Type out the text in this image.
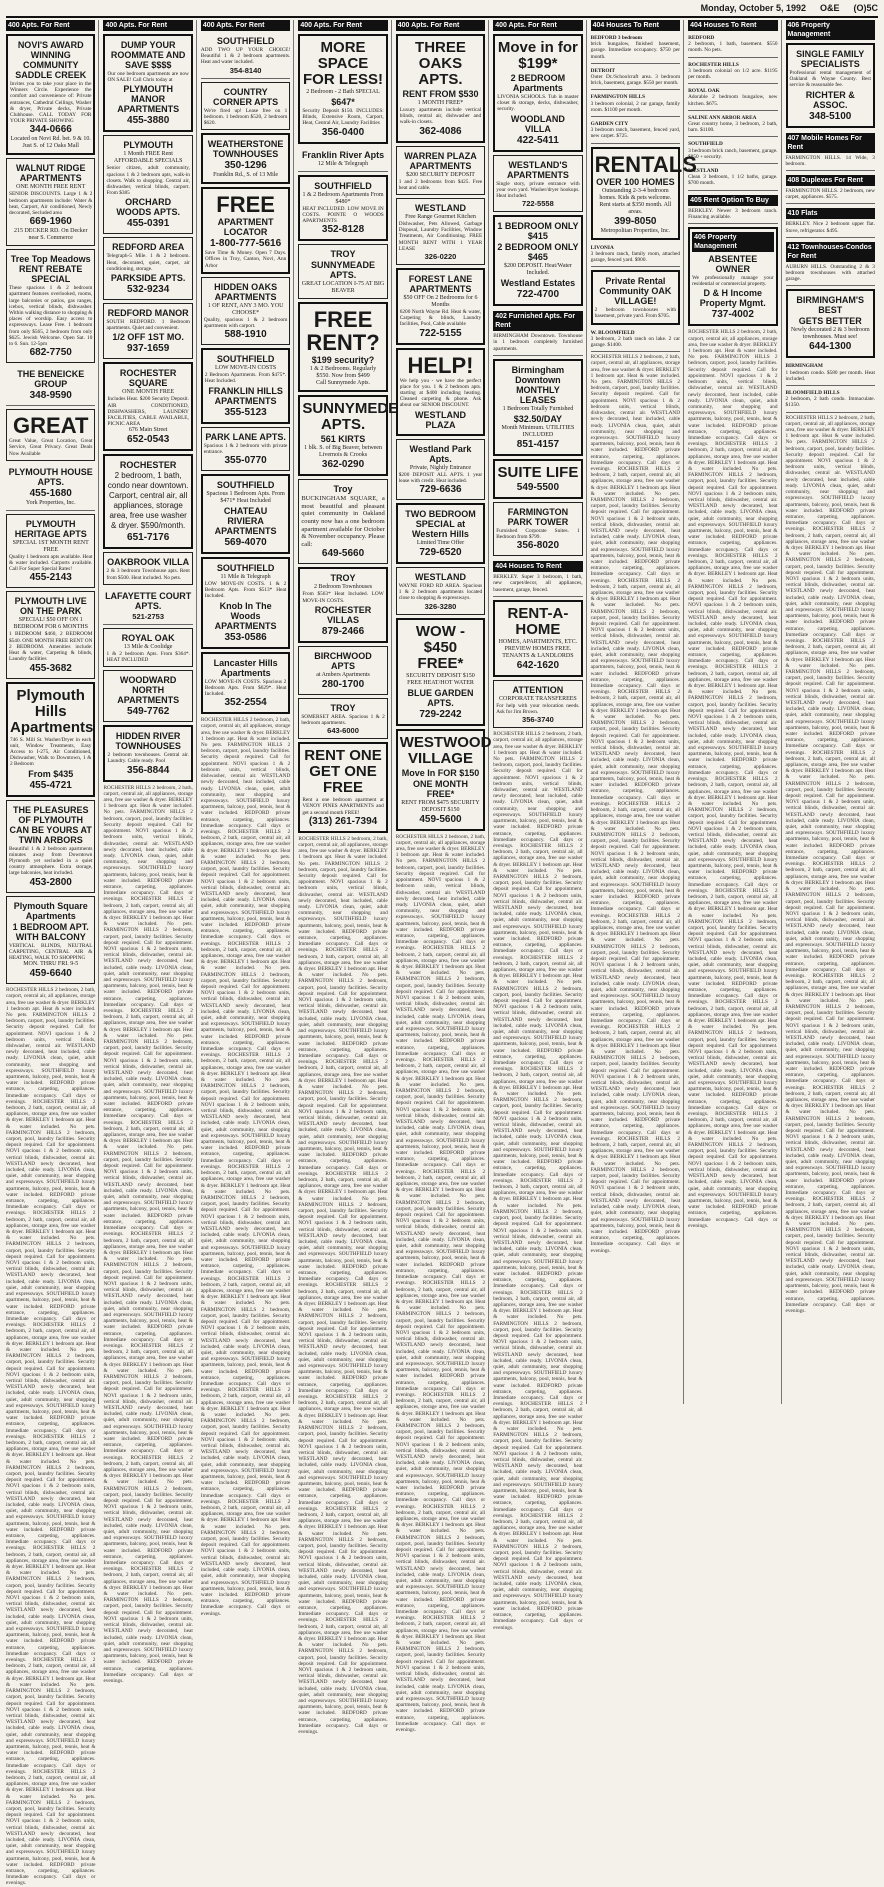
Monday, October 5, 1992 O&E (O)5C
400 Apts. For Rent
NOVI'S AWARD WINNING COMMUNITY SADDLE CREEK
Invites you to take your place in the Winners Circle. Experience the comfort and convenience of: Private entrances, Cathedral Ceilings, Washer & dryer, Private decks, Private Clubhouse. CALL TODAY FOR YOUR PRIVATE SHOWING
344-0666
Located on Novi Rd. bet. 9 & 10. Just S. of 12 Oaks Mall
WALNUT RIDGE APARTMENTS
ONE MONTH FREE RENT
SENIOR DISCOUNTS. Large 1 & 2 bedroom apartments include: Water & heat, Carport, Air conditioned, Newly decorated, Secluded area
669-1960
215 DECKER RD. On Decker near S. Commerce
Tree Top Meadows RENT REBATE SPECIAL
These spacious 1 & 2 bedroom apartment features overlooked, rooms, large balconies or patios, gas ranges, icebox, vertical blinds, dishwasher. Within walking distance to shopping & places of worship. Easy access to expressways. Lease Free. 1 bedroom from only $565, 2 bedroom from only $625. Jewish Welcome. Open Sat. 10 to 6. Sun. 12-5pm
682-7750
THE BENEICKE GROUP
348-9590
GREAT
Great Value, Great Location, Great Service, Great Privacy. Great Deals Now Available
PLYMOUTH HOUSE APTS.
455-1680
York Properties, Inc.
PLYMOUTH HERITAGE APTS
SPECIAL 1ST MONTH RENT FREE
Quality 1 bedroom apts available. Heat & water included. Carports available. Call For Super Special Rates!
455-2143
PLYMOUTH LIVE ON THE PARK
SPECIAL! $50 OFF ON 1 BEDROOM FOR 6 MONTHS
1 BEDROOM $460, 2 BEDROOM $540. ONE MONTH FREE RENT ON 2 BEDROOM. Amenities include: Heat & water, Carpeting & blinds, Laundry facilities
455-3682
Plymouth Hills Apartments
746 S. Mill St. Washer/Dryer in each unit, Window Treatments, Easy Access to I-275, Air Conditioned, Dishwasher, Walk to Downtown, 1 & 2 Bedroom
From $435
455-4721
THE PLEASURES OF PLYMOUTH CAN BE YOURS AT TWIN ARBORS
Beautiful 1 & 2 bedroom apartments minutes away from Downtown Plymouth yet secluded in a quiet country atmosphere. Extra storage, large balconies, heat included.
453-2800
Plymouth Square Apartments
1 BEDROOM APT. WITH BALCONY
VERTICAL BLINDS, NEUTRAL CARPETING, CENTRAL AIR & HEATING, WALK TO SHOPPING
MON. THRU FRI. 9-5
459-6640
ROCHESTER HILLS 2 bedroom, 2 bath, carport, central air, all appliances, storage area, free use washer & dryer. BERKLEY 1 bedroom apt. Heat & water included. No pets. FARMINGTON HILLS 2 bedroom, carport, pool, laundry facilities. Security deposit required. Call for appointment. NOVI spacious 1 & 2 bedroom units, vertical blinds, dishwasher, central air. WESTLAND newly decorated, heat included, cable ready. LIVONIA clean, quiet, adult community, near shopping and expressways. SOUTHFIELD luxury apartments, balcony, pool, tennis, heat & water included. REDFORD private entrance, carpeting, appliances. Immediate occupancy. Call days or evenings. ROCHESTER HILLS 2 bedroom, 2 bath, carport, central air, all appliances, storage area, free use washer & dryer. BERKLEY 1 bedroom apt. Heat & water included. No pets. FARMINGTON HILLS 2 bedroom, carport, pool, laundry facilities. Security deposit required. Call for appointment. NOVI spacious 1 & 2 bedroom units, vertical blinds, dishwasher, central air. WESTLAND newly decorated, heat included, cable ready. LIVONIA clean, quiet, adult community, near shopping and expressways. SOUTHFIELD luxury apartments, balcony, pool, tennis, heat & water included. REDFORD private entrance, carpeting, appliances. Immediate occupancy. Call days or evenings. ROCHESTER HILLS 2 bedroom, 2 bath, carport, central air, all appliances, storage area, free use washer & dryer. BERKLEY 1 bedroom apt. Heat & water included. No pets. FARMINGTON HILLS 2 bedroom, carport, pool, laundry facilities. Security deposit required. Call for appointment. NOVI spacious 1 & 2 bedroom units, vertical blinds, dishwasher, central air. WESTLAND newly decorated, heat included, cable ready. LIVONIA clean, quiet, adult community, near shopping and expressways. SOUTHFIELD luxury apartments, balcony, pool, tennis, heat & water included. REDFORD private entrance, carpeting, appliances. Immediate occupancy. Call days or evenings. ROCHESTER HILLS 2 bedroom, 2 bath, carport, central air, all appliances, storage area, free use washer & dryer. BERKLEY 1 bedroom apt. Heat & water included. No pets. FARMINGTON HILLS 2 bedroom, carport, pool, laundry facilities. Security deposit required. Call for appointment. NOVI spacious 1 & 2 bedroom units, vertical blinds, dishwasher, central air. WESTLAND newly decorated, heat included, cable ready. LIVONIA clean, quiet, adult community, near shopping and expressways. SOUTHFIELD luxury apartments, balcony, pool, tennis, heat & water included. REDFORD private entrance, carpeting, appliances. Immediate occupancy. Call days or evenings. ROCHESTER HILLS 2 bedroom, 2 bath, carport, central air, all appliances, storage area, free use washer & dryer. BERKLEY 1 bedroom apt. Heat & water included. No pets. FARMINGTON HILLS 2 bedroom, carport, pool, laundry facilities. Security deposit required. Call for appointment. NOVI spacious 1 & 2 bedroom units, vertical blinds, dishwasher, central air. WESTLAND newly decorated, heat included, cable ready. LIVONIA clean, quiet, adult community, near shopping and expressways. SOUTHFIELD luxury apartments, balcony, pool, tennis, heat & water included. REDFORD private entrance, carpeting, appliances. Immediate occupancy. Call days or evenings. ROCHESTER HILLS 2 bedroom, 2 bath, carport, central air, all appliances, storage area, free use washer & dryer. BERKLEY 1 bedroom apt. Heat & water included. No pets. FARMINGTON HILLS 2 bedroom, carport, pool, laundry facilities. Security deposit required. Call for appointment. NOVI spacious 1 & 2 bedroom units, vertical blinds, dishwasher, central air. WESTLAND newly decorated, heat included, cable ready. LIVONIA clean, quiet, adult community, near shopping and expressways. SOUTHFIELD luxury apartments, balcony, pool, tennis, heat & water included. REDFORD private entrance, carpeting, appliances. Immediate occupancy. Call days or evenings. ROCHESTER HILLS 2 bedroom, 2 bath, carport, central air, all appliances, storage area, free use washer & dryer. BERKLEY 1 bedroom apt. Heat & water included. No pets. FARMINGTON HILLS 2 bedroom, carport, pool, laundry facilities. Security deposit required. Call for appointment. NOVI spacious 1 & 2 bedroom units, vertical blinds, dishwasher, central air. WESTLAND newly decorated, heat included, cable ready. LIVONIA clean, quiet, adult community, near shopping and expressways. SOUTHFIELD luxury apartments, balcony, pool, tennis, heat & water included. REDFORD private entrance, carpeting, appliances. Immediate occupancy. Call days or evenings. ROCHESTER HILLS 2 bedroom, 2 bath, carport, central air, all appliances, storage area, free use washer & dryer. BERKLEY 1 bedroom apt. Heat & water included. No pets. FARMINGTON HILLS 2 bedroom, carport, pool, laundry facilities. Security deposit required. Call for appointment. NOVI spacious 1 & 2 bedroom units, vertical blinds, dishwasher, central air. WESTLAND newly decorated, heat included, cable ready. LIVONIA clean, quiet, adult community, near shopping and expressways. SOUTHFIELD luxury apartments, balcony, pool, tennis, heat & water included. REDFORD private entrance, carpeting, appliances. Immediate occupancy. Call days or evenings.
400 Apts. For Rent
DUMP YOUR ROOMMATE AND SAVE $$$$
Our one bedroom apartments are now ON SALE! Call Chris today at
PLYMOUTH MANOR APARTMENTS
455-3880
PLYMOUTH
1 Month FREE Rent AFFORDABLE SPECIALS
Senior citizen, adult community, spacious 1 & 2 bedroom apts, walk-in closets. Walk to shopping. Central air, dishwasher, vertical blinds, carport. From $385
ORCHARD WOODS APTS.
455-0391
REDFORD AREA
Telegraph-5 Mile. 1 & 2 bedroom. Heat, decorated, quiet, carpet, air conditioning, storage.
PARKSIDE APTS.
532-9234
REDFORD MANOR
SOUTH REDFORD. 1 Bedroom apartments. Quiet and convenient.
1/2 OFF 1ST MO.
937-1659
ROCHESTER SQUARE
ONE MONTH FREE
Includes Heat. $200 Security Deposit. AIR CONDITIONED, DISHWASHERS, LAUNDRY FACILITIES, CABLE AVAILABLE, PICNIC AREA
676 Main Street
652-0543
ROCHESTER
2 bedroom, 1 bath, condo near downtown. Carport, central air, all appliances, storage area, free use washer & dryer. $590/month.
651-7176
OAKBROOK VILLA
2 & 3 bedroom Townhouse apts. Rent from $500. Heat included. No pets.
LAFAYETTE COURT APTS.
521-2753
ROYAL OAK
13 Mile & Coolidge
1 & 2 bedroom Apts. From $364*. HEAT INCLUDED
WOODWARD NORTH APARTMENTS
549-7762
HIDDEN RIVER TOWNHOUSES
2 bedroom townhouses. Central air. Laundry. Cable ready. Pool
356-8844
ROCHESTER HILLS 2 bedroom, 2 bath, carport, central air, all appliances, storage area, free use washer & dryer. BERKLEY 1 bedroom apt. Heat & water included. No pets. FARMINGTON HILLS 2 bedroom, carport, pool, laundry facilities. Security deposit required. Call for appointment. NOVI spacious 1 & 2 bedroom units, vertical blinds, dishwasher, central air. WESTLAND newly decorated, heat included, cable ready. LIVONIA clean, quiet, adult community, near shopping and expressways. SOUTHFIELD luxury apartments, balcony, pool, tennis, heat & water included. REDFORD private entrance, carpeting, appliances. Immediate occupancy. Call days or evenings. ROCHESTER HILLS 2 bedroom, 2 bath, carport, central air, all appliances, storage area, free use washer & dryer. BERKLEY 1 bedroom apt. Heat & water included. No pets. FARMINGTON HILLS 2 bedroom, carport, pool, laundry facilities. Security deposit required. Call for appointment. NOVI spacious 1 & 2 bedroom units, vertical blinds, dishwasher, central air. WESTLAND newly decorated, heat included, cable ready. LIVONIA clean, quiet, adult community, near shopping and expressways. SOUTHFIELD luxury apartments, balcony, pool, tennis, heat & water included. REDFORD private entrance, carpeting, appliances. Immediate occupancy. Call days or evenings. ROCHESTER HILLS 2 bedroom, 2 bath, carport, central air, all appliances, storage area, free use washer & dryer. BERKLEY 1 bedroom apt. Heat & water included. No pets. FARMINGTON HILLS 2 bedroom, carport, pool, laundry facilities. Security deposit required. Call for appointment. NOVI spacious 1 & 2 bedroom units, vertical blinds, dishwasher, central air. WESTLAND newly decorated, heat included, cable ready. LIVONIA clean, quiet, adult community, near shopping and expressways. SOUTHFIELD luxury apartments, balcony, pool, tennis, heat & water included. REDFORD private entrance, carpeting, appliances. Immediate occupancy. Call days or evenings. ROCHESTER HILLS 2 bedroom, 2 bath, carport, central air, all appliances, storage area, free use washer & dryer. BERKLEY 1 bedroom apt. Heat & water included. No pets. FARMINGTON HILLS 2 bedroom, carport, pool, laundry facilities. Security deposit required. Call for appointment. NOVI spacious 1 & 2 bedroom units, vertical blinds, dishwasher, central air. WESTLAND newly decorated, heat included, cable ready. LIVONIA clean, quiet, adult community, near shopping and expressways. SOUTHFIELD luxury apartments, balcony, pool, tennis, heat & water included. REDFORD private entrance, carpeting, appliances. Immediate occupancy. Call days or evenings. ROCHESTER HILLS 2 bedroom, 2 bath, carport, central air, all appliances, storage area, free use washer & dryer. BERKLEY 1 bedroom apt. Heat & water included. No pets. FARMINGTON HILLS 2 bedroom, carport, pool, laundry facilities. Security deposit required. Call for appointment. NOVI spacious 1 & 2 bedroom units, vertical blinds, dishwasher, central air. WESTLAND newly decorated, heat included, cable ready. LIVONIA clean, quiet, adult community, near shopping and expressways. SOUTHFIELD luxury apartments, balcony, pool, tennis, heat & water included. REDFORD private entrance, carpeting, appliances. Immediate occupancy. Call days or evenings. ROCHESTER HILLS 2 bedroom, 2 bath, carport, central air, all appliances, storage area, free use washer & dryer. BERKLEY 1 bedroom apt. Heat & water included. No pets. FARMINGTON HILLS 2 bedroom, carport, pool, laundry facilities. Security deposit required. Call for appointment. NOVI spacious 1 & 2 bedroom units, vertical blinds, dishwasher, central air. WESTLAND newly decorated, heat included, cable ready. LIVONIA clean, quiet, adult community, near shopping and expressways. SOUTHFIELD luxury apartments, balcony, pool, tennis, heat & water included. REDFORD private entrance, carpeting, appliances. Immediate occupancy. Call days or evenings. ROCHESTER HILLS 2 bedroom, 2 bath, carport, central air, all appliances, storage area, free use washer & dryer. BERKLEY 1 bedroom apt. Heat & water included. No pets. FARMINGTON HILLS 2 bedroom, carport, pool, laundry facilities. Security deposit required. Call for appointment. NOVI spacious 1 & 2 bedroom units, vertical blinds, dishwasher, central air. WESTLAND newly decorated, heat included, cable ready. LIVONIA clean, quiet, adult community, near shopping and expressways. SOUTHFIELD luxury apartments, balcony, pool, tennis, heat & water included. REDFORD private entrance, carpeting, appliances. Immediate occupancy. Call days or evenings. ROCHESTER HILLS 2 bedroom, 2 bath, carport, central air, all appliances, storage area, free use washer & dryer. BERKLEY 1 bedroom apt. Heat & water included. No pets. FARMINGTON HILLS 2 bedroom, carport, pool, laundry facilities. Security deposit required. Call for appointment. NOVI spacious 1 & 2 bedroom units, vertical blinds, dishwasher, central air. WESTLAND newly decorated, heat included, cable ready. LIVONIA clean, quiet, adult community, near shopping and expressways. SOUTHFIELD luxury apartments, balcony, pool, tennis, heat & water included. REDFORD private entrance, carpeting, appliances. Immediate occupancy. Call days or evenings.
400 Apts. For Rent
SOUTHFIELD
ADD TWO UP YOUR CHOICE! Beautiful 1 & 2 bedroom apartments. Heat and water included.
354-8140
COUNTRY CORNER APTS
We're fired up! Lease free on 1 bedroom. 1 bedroom $520, 2 bedroom $620.
WEATHERSTONE TOWNHOUSES
350-1296
Franklin Rd., S. of 13 Mile
FREE
APARTMENT LOCATOR
1-800-777-5616
Save Time & Money. Open 7 Days. Offices in Troy, Canton, Novi, Ann Arbor
HIDDEN OAKS APARTMENTS
1 OF RENT, ANY 3 MO. YOU CHOOSE*
Quality, spacious 1 & 2 bedroom apartments with carport.
588-1910
SOUTHFIELD
LOW MOVE-IN COSTS
2 Bedroom Apartments. From $475*. Heat Included.
FRANKLIN HILLS APARTMENTS
355-5123
PARK LANE APTS.
Spacious 1 & 2 bedroom with private entrance.
355-0770
SOUTHFIELD
Spacious 1 Bedroom Apts. From $471* Heat Included
CHATEAU RIVIERA APARTMENTS
569-4070
SOUTHFIELD
11 Mile & Telegraph
LOW MOVE-IN COSTS. 1 & 2 Bedroom Apts. From $513* Heat Included.
Knob In The Woods APARTMENTS
353-0586
Lancaster Hills Apartments
LOW MOVE-IN COSTS. Spacious 2 Bedroom Apts. From $629*. Heat Included.
352-2554
ROCHESTER HILLS 2 bedroom, 2 bath, carport, central air, all appliances, storage area, free use washer & dryer. BERKLEY 1 bedroom apt. Heat & water included. No pets. FARMINGTON HILLS 2 bedroom, carport, pool, laundry facilities. Security deposit required. Call for appointment. NOVI spacious 1 & 2 bedroom units, vertical blinds, dishwasher, central air. WESTLAND newly decorated, heat included, cable ready. LIVONIA clean, quiet, adult community, near shopping and expressways. SOUTHFIELD luxury apartments, balcony, pool, tennis, heat & water included. REDFORD private entrance, carpeting, appliances. Immediate occupancy. Call days or evenings. ROCHESTER HILLS 2 bedroom, 2 bath, carport, central air, all appliances, storage area, free use washer & dryer. BERKLEY 1 bedroom apt. Heat & water included. No pets. FARMINGTON HILLS 2 bedroom, carport, pool, laundry facilities. Security deposit required. Call for appointment. NOVI spacious 1 & 2 bedroom units, vertical blinds, dishwasher, central air. WESTLAND newly decorated, heat included, cable ready. LIVONIA clean, quiet, adult community, near shopping and expressways. SOUTHFIELD luxury apartments, balcony, pool, tennis, heat & water included. REDFORD private entrance, carpeting, appliances. Immediate occupancy. Call days or evenings. ROCHESTER HILLS 2 bedroom, 2 bath, carport, central air, all appliances, storage area, free use washer & dryer. BERKLEY 1 bedroom apt. Heat & water included. No pets. FARMINGTON HILLS 2 bedroom, carport, pool, laundry facilities. Security deposit required. Call for appointment. NOVI spacious 1 & 2 bedroom units, vertical blinds, dishwasher, central air. WESTLAND newly decorated, heat included, cable ready. LIVONIA clean, quiet, adult community, near shopping and expressways. SOUTHFIELD luxury apartments, balcony, pool, tennis, heat & water included. REDFORD private entrance, carpeting, appliances. Immediate occupancy. Call days or evenings. ROCHESTER HILLS 2 bedroom, 2 bath, carport, central air, all appliances, storage area, free use washer & dryer. BERKLEY 1 bedroom apt. Heat & water included. No pets. FARMINGTON HILLS 2 bedroom, carport, pool, laundry facilities. Security deposit required. Call for appointment. NOVI spacious 1 & 2 bedroom units, vertical blinds, dishwasher, central air. WESTLAND newly decorated, heat included, cable ready. LIVONIA clean, quiet, adult community, near shopping and expressways. SOUTHFIELD luxury apartments, balcony, pool, tennis, heat & water included. REDFORD private entrance, carpeting, appliances. Immediate occupancy. Call days or evenings. ROCHESTER HILLS 2 bedroom, 2 bath, carport, central air, all appliances, storage area, free use washer & dryer. BERKLEY 1 bedroom apt. Heat & water included. No pets. FARMINGTON HILLS 2 bedroom, carport, pool, laundry facilities. Security deposit required. Call for appointment. NOVI spacious 1 & 2 bedroom units, vertical blinds, dishwasher, central air. WESTLAND newly decorated, heat included, cable ready. LIVONIA clean, quiet, adult community, near shopping and expressways. SOUTHFIELD luxury apartments, balcony, pool, tennis, heat & water included. REDFORD private entrance, carpeting, appliances. Immediate occupancy. Call days or evenings. ROCHESTER HILLS 2 bedroom, 2 bath, carport, central air, all appliances, storage area, free use washer & dryer. BERKLEY 1 bedroom apt. Heat & water included. No pets. FARMINGTON HILLS 2 bedroom, carport, pool, laundry facilities. Security deposit required. Call for appointment. NOVI spacious 1 & 2 bedroom units, vertical blinds, dishwasher, central air. WESTLAND newly decorated, heat included, cable ready. LIVONIA clean, quiet, adult community, near shopping and expressways. SOUTHFIELD luxury apartments, balcony, pool, tennis, heat & water included. REDFORD private entrance, carpeting, appliances. Immediate occupancy. Call days or evenings. ROCHESTER HILLS 2 bedroom, 2 bath, carport, central air, all appliances, storage area, free use washer & dryer. BERKLEY 1 bedroom apt. Heat & water included. No pets. FARMINGTON HILLS 2 bedroom, carport, pool, laundry facilities. Security deposit required. Call for appointment. NOVI spacious 1 & 2 bedroom units, vertical blinds, dishwasher, central air. WESTLAND newly decorated, heat included, cable ready. LIVONIA clean, quiet, adult community, near shopping and expressways. SOUTHFIELD luxury apartments, balcony, pool, tennis, heat & water included. REDFORD private entrance, carpeting, appliances. Immediate occupancy. Call days or evenings. ROCHESTER HILLS 2 bedroom, 2 bath, carport, central air, all appliances, storage area, free use washer & dryer. BERKLEY 1 bedroom apt. Heat & water included. No pets. FARMINGTON HILLS 2 bedroom, carport, pool, laundry facilities. Security deposit required. Call for appointment. NOVI spacious 1 & 2 bedroom units, vertical blinds, dishwasher, central air. WESTLAND newly decorated, heat included, cable ready. LIVONIA clean, quiet, adult community, near shopping and expressways. SOUTHFIELD luxury apartments, balcony, pool, tennis, heat & water included. REDFORD private entrance, carpeting, appliances. Immediate occupancy. Call days or evenings.
400 Apts. For Rent
MORE SPACE FOR LESS!
2 Bedroom - 2 Bath SPECIAL
$647*
Security Deposit $150. INCLUDES: Blinds, Extensive Room, Carport, Heat, Central Air, Laundry Facilities
356-0400
Franklin River Apts
12 Mile & Telegraph
SOUTHFIELD
1 & 2 Bedroom Apartments From $480*
HEAT INCLUDED. LOW MOVE IN COSTS. POINTE O WOODS APARTMENTS
352-8128
TROY
SUNNYMEADE APTS.
GREAT LOCATION I-75 AT BIG BEAVER
FREE RENT?
$199 security?
1 & 2 Bedrooms. Regularly $550. Now from $499
Call Sunnymede Apts.
SUNNYMEDE APTS.
561 KIRTS
1 blk. S. of Big Beaver, between Livernois & Crooks
362-0290
Troy
BUCKINGHAM SQUARE, a most beautiful and pleasant quiet community in Oakland county now has a one bedroom apartment available for October & November occupancy. Please call:
649-5660
TROY
2 Bedroom Townhouses
From $563* Heat Included. LOW MOVE-IN COSTS.
ROCHESTER VILLAS
879-2466
BIRCHWOOD APTS
at Ambers Apartments
280-1700
TROY
SOMERSET AREA. Spacious 1 & 2 bedroom apartments.
643-6000
RENT ONE GET ONE FREE
Rent a one bedroom apartment at VENOY PINES APARTMENTS and get a second month FREE!
(313) 261-7394
ROCHESTER HILLS 2 bedroom, 2 bath, carport, central air, all appliances, storage area, free use washer & dryer. BERKLEY 1 bedroom apt. Heat & water included. No pets. FARMINGTON HILLS 2 bedroom, carport, pool, laundry facilities. Security deposit required. Call for appointment. NOVI spacious 1 & 2 bedroom units, vertical blinds, dishwasher, central air. WESTLAND newly decorated, heat included, cable ready. LIVONIA clean, quiet, adult community, near shopping and expressways. SOUTHFIELD luxury apartments, balcony, pool, tennis, heat & water included. REDFORD private entrance, carpeting, appliances. Immediate occupancy. Call days or evenings. ROCHESTER HILLS 2 bedroom, 2 bath, carport, central air, all appliances, storage area, free use washer & dryer. BERKLEY 1 bedroom apt. Heat & water included. No pets. FARMINGTON HILLS 2 bedroom, carport, pool, laundry facilities. Security deposit required. Call for appointment. NOVI spacious 1 & 2 bedroom units, vertical blinds, dishwasher, central air. WESTLAND newly decorated, heat included, cable ready. LIVONIA clean, quiet, adult community, near shopping and expressways. SOUTHFIELD luxury apartments, balcony, pool, tennis, heat & water included. REDFORD private entrance, carpeting, appliances. Immediate occupancy. Call days or evenings. ROCHESTER HILLS 2 bedroom, 2 bath, carport, central air, all appliances, storage area, free use washer & dryer. BERKLEY 1 bedroom apt. Heat & water included. No pets. FARMINGTON HILLS 2 bedroom, carport, pool, laundry facilities. Security deposit required. Call for appointment. NOVI spacious 1 & 2 bedroom units, vertical blinds, dishwasher, central air. WESTLAND newly decorated, heat included, cable ready. LIVONIA clean, quiet, adult community, near shopping and expressways. SOUTHFIELD luxury apartments, balcony, pool, tennis, heat & water included. REDFORD private entrance, carpeting, appliances. Immediate occupancy. Call days or evenings. ROCHESTER HILLS 2 bedroom, 2 bath, carport, central air, all appliances, storage area, free use washer & dryer. BERKLEY 1 bedroom apt. Heat & water included. No pets. FARMINGTON HILLS 2 bedroom, carport, pool, laundry facilities. Security deposit required. Call for appointment. NOVI spacious 1 & 2 bedroom units, vertical blinds, dishwasher, central air. WESTLAND newly decorated, heat included, cable ready. LIVONIA clean, quiet, adult community, near shopping and expressways. SOUTHFIELD luxury apartments, balcony, pool, tennis, heat & water included. REDFORD private entrance, carpeting, appliances. Immediate occupancy. Call days or evenings. ROCHESTER HILLS 2 bedroom, 2 bath, carport, central air, all appliances, storage area, free use washer & dryer. BERKLEY 1 bedroom apt. Heat & water included. No pets. FARMINGTON HILLS 2 bedroom, carport, pool, laundry facilities. Security deposit required. Call for appointment. NOVI spacious 1 & 2 bedroom units, vertical blinds, dishwasher, central air. WESTLAND newly decorated, heat included, cable ready. LIVONIA clean, quiet, adult community, near shopping and expressways. SOUTHFIELD luxury apartments, balcony, pool, tennis, heat & water included. REDFORD private entrance, carpeting, appliances. Immediate occupancy. Call days or evenings. ROCHESTER HILLS 2 bedroom, 2 bath, carport, central air, all appliances, storage area, free use washer & dryer. BERKLEY 1 bedroom apt. Heat & water included. No pets. FARMINGTON HILLS 2 bedroom, carport, pool, laundry facilities. Security deposit required. Call for appointment. NOVI spacious 1 & 2 bedroom units, vertical blinds, dishwasher, central air. WESTLAND newly decorated, heat included, cable ready. LIVONIA clean, quiet, adult community, near shopping and expressways. SOUTHFIELD luxury apartments, balcony, pool, tennis, heat & water included. REDFORD private entrance, carpeting, appliances. Immediate occupancy. Call days or evenings. ROCHESTER HILLS 2 bedroom, 2 bath, carport, central air, all appliances, storage area, free use washer & dryer. BERKLEY 1 bedroom apt. Heat & water included. No pets. FARMINGTON HILLS 2 bedroom, carport, pool, laundry facilities. Security deposit required. Call for appointment. NOVI spacious 1 & 2 bedroom units, vertical blinds, dishwasher, central air. WESTLAND newly decorated, heat included, cable ready. LIVONIA clean, quiet, adult community, near shopping and expressways. SOUTHFIELD luxury apartments, balcony, pool, tennis, heat & water included. REDFORD private entrance, carpeting, appliances. Immediate occupancy. Call days or evenings. ROCHESTER HILLS 2 bedroom, 2 bath, carport, central air, all appliances, storage area, free use washer & dryer. BERKLEY 1 bedroom apt. Heat & water included. No pets. FARMINGTON HILLS 2 bedroom, carport, pool, laundry facilities. Security deposit required. Call for appointment. NOVI spacious 1 & 2 bedroom units, vertical blinds, dishwasher, central air. WESTLAND newly decorated, heat included, cable ready. LIVONIA clean, quiet, adult community, near shopping and expressways. SOUTHFIELD luxury apartments, balcony, pool, tennis, heat & water included. REDFORD private entrance, carpeting, appliances. Immediate occupancy. Call days or evenings.
400 Apts. For Rent
THREE OAKS APTS.
RENT FROM $530
1 MONTH FREE*
Luxury apartments include vertical blinds, central air, dishwasher and walk-in closets.
362-4086
WARREN PLAZA APARTMENTS
$200 SECURITY DEPOSIT
1 and 2 bedrooms from $425. Free heat and cable.
WESTLAND
Free Range Gourmet Kitchen
Dishwasher, Pets Allowed, Garbage Disposal, Laundry Facilities, Window Treatments, Air Conditioning. FREE MONTH RENT WITH 1 YEAR LEASE
326-0220
FOREST LANE APARTMENTS
$50 OFF On 2 Bedrooms for 6 Months
6200 North Wayne Rd. Heat & water, Carpeting & blinds, Laundry facilities, Pool, Cable available
722-5155
HELP!
We help you - we have the perfect place for you. 1 & 2 bedroom apts. starting at $400 including heating. Cleaned carpeting & phone. Ask about our SENIOR DISCOUNT.
WESTLAND PLAZA
Westland Park Apts.
Private, Nightly Entrance
$200 DEPOSIT ALL APTS. 1 year lease with credit. Heat included.
729-6636
TWO BEDROOM SPECIAL at Western Hills
Limited Time Offer
729-6520
WESTLAND
WAYNE FORD RD AREA. Spacious 1 & 2 bedroom apartments located close to shopping & expressways.
326-3280
WOW - $450 FREE*
SECURITY DEPOSIT $150
FREE HEAT/HOT WATER
BLUE GARDEN APTS.
729-2242
WESTWOOD VILLAGE
Move In FOR $150
ONE MONTH FREE*
RENT FROM $475 SECURITY DEPOSIT $150
459-5600
ROCHESTER HILLS 2 bedroom, 2 bath, carport, central air, all appliances, storage area, free use washer & dryer. BERKLEY 1 bedroom apt. Heat & water included. No pets. FARMINGTON HILLS 2 bedroom, carport, pool, laundry facilities. Security deposit required. Call for appointment. NOVI spacious 1 & 2 bedroom units, vertical blinds, dishwasher, central air. WESTLAND newly decorated, heat included, cable ready. LIVONIA clean, quiet, adult community, near shopping and expressways. SOUTHFIELD luxury apartments, balcony, pool, tennis, heat & water included. REDFORD private entrance, carpeting, appliances. Immediate occupancy. Call days or evenings. ROCHESTER HILLS 2 bedroom, 2 bath, carport, central air, all appliances, storage area, free use washer & dryer. BERKLEY 1 bedroom apt. Heat & water included. No pets. FARMINGTON HILLS 2 bedroom, carport, pool, laundry facilities. Security deposit required. Call for appointment. NOVI spacious 1 & 2 bedroom units, vertical blinds, dishwasher, central air. WESTLAND newly decorated, heat included, cable ready. LIVONIA clean, quiet, adult community, near shopping and expressways. SOUTHFIELD luxury apartments, balcony, pool, tennis, heat & water included. REDFORD private entrance, carpeting, appliances. Immediate occupancy. Call days or evenings. ROCHESTER HILLS 2 bedroom, 2 bath, carport, central air, all appliances, storage area, free use washer & dryer. BERKLEY 1 bedroom apt. Heat & water included. No pets. FARMINGTON HILLS 2 bedroom, carport, pool, laundry facilities. Security deposit required. Call for appointment. NOVI spacious 1 & 2 bedroom units, vertical blinds, dishwasher, central air. WESTLAND newly decorated, heat included, cable ready. LIVONIA clean, quiet, adult community, near shopping and expressways. SOUTHFIELD luxury apartments, balcony, pool, tennis, heat & water included. REDFORD private entrance, carpeting, appliances. Immediate occupancy. Call days or evenings. ROCHESTER HILLS 2 bedroom, 2 bath, carport, central air, all appliances, storage area, free use washer & dryer. BERKLEY 1 bedroom apt. Heat & water included. No pets. FARMINGTON HILLS 2 bedroom, carport, pool, laundry facilities. Security deposit required. Call for appointment. NOVI spacious 1 & 2 bedroom units, vertical blinds, dishwasher, central air. WESTLAND newly decorated, heat included, cable ready. LIVONIA clean, quiet, adult community, near shopping and expressways. SOUTHFIELD luxury apartments, balcony, pool, tennis, heat & water included. REDFORD private entrance, carpeting, appliances. Immediate occupancy. Call days or evenings. ROCHESTER HILLS 2 bedroom, 2 bath, carport, central air, all appliances, storage area, free use washer & dryer. BERKLEY 1 bedroom apt. Heat & water included. No pets. FARMINGTON HILLS 2 bedroom, carport, pool, laundry facilities. Security deposit required. Call for appointment. NOVI spacious 1 & 2 bedroom units, vertical blinds, dishwasher, central air. WESTLAND newly decorated, heat included, cable ready. LIVONIA clean, quiet, adult community, near shopping and expressways. SOUTHFIELD luxury apartments, balcony, pool, tennis, heat & water included. REDFORD private entrance, carpeting, appliances. Immediate occupancy. Call days or evenings. ROCHESTER HILLS 2 bedroom, 2 bath, carport, central air, all appliances, storage area, free use washer & dryer. BERKLEY 1 bedroom apt. Heat & water included. No pets. FARMINGTON HILLS 2 bedroom, carport, pool, laundry facilities. Security deposit required. Call for appointment. NOVI spacious 1 & 2 bedroom units, vertical blinds, dishwasher, central air. WESTLAND newly decorated, heat included, cable ready. LIVONIA clean, quiet, adult community, near shopping and expressways. SOUTHFIELD luxury apartments, balcony, pool, tennis, heat & water included. REDFORD private entrance, carpeting, appliances. Immediate occupancy. Call days or evenings. ROCHESTER HILLS 2 bedroom, 2 bath, carport, central air, all appliances, storage area, free use washer & dryer. BERKLEY 1 bedroom apt. Heat & water included. No pets. FARMINGTON HILLS 2 bedroom, carport, pool, laundry facilities. Security deposit required. Call for appointment. NOVI spacious 1 & 2 bedroom units, vertical blinds, dishwasher, central air. WESTLAND newly decorated, heat included, cable ready. LIVONIA clean, quiet, adult community, near shopping and expressways. SOUTHFIELD luxury apartments, balcony, pool, tennis, heat & water included. REDFORD private entrance, carpeting, appliances. Immediate occupancy. Call days or evenings. ROCHESTER HILLS 2 bedroom, 2 bath, carport, central air, all appliances, storage area, free use washer & dryer. BERKLEY 1 bedroom apt. Heat & water included. No pets. FARMINGTON HILLS 2 bedroom, carport, pool, laundry facilities. Security deposit required. Call for appointment. NOVI spacious 1 & 2 bedroom units, vertical blinds, dishwasher, central air. WESTLAND newly decorated, heat included, cable ready. LIVONIA clean, quiet, adult community, near shopping and expressways. SOUTHFIELD luxury apartments, balcony, pool, tennis, heat & water included. REDFORD private entrance, carpeting, appliances. Immediate occupancy. Call days or evenings.
400 Apts. For Rent
Move in for $199*
2 BEDROOM Apartments
LIVONIA SCHOOLS. Tub in master closet & storage, decks, dishwasher, security.
WOODLAND VILLA
422-5411
WESTLAND'S APARTMENTS
Single story, private entrance with your own yard. Washer/dryer hookups. Heat included.
722-5558
1 BEDROOM ONLY $415
2 BEDROOM ONLY $465
$200 DEPOSIT. Heat/Water Included.
Westland Estates
722-4700
402 Furnished Apts. For Rent
BIRMINGHAM Downtown. Townhouse in 1 bedroom completely furnished apartments.
Birmingham Downtown MONTHLY LEASES
1 Bedroom Totally Furnished
$32.50/DAY
Month Minimum. UTILITIES INCLUDED
851-4157
SUITE LIFE
549-5500
FARMINGTON PARK TOWER
Furnished Corporate Suites. 1 Bedroom from $799.
356-8020
404 Houses To Rent
BERKLEY. Super 3 bedroom, 1 bath, new carpet/decor, all appliances, basement, garage, fenced.
RENT-A-HOME
HOMES, APARTMENTS, ETC. PREVIEW HOMES FREE. TENANTS & LANDLORDS
642-1620
ATTENTION
CORPORATE TRANSFEREES
For help with your relocation needs. Ask for Jim Brown.
356-3740
ROCHESTER HILLS 2 bedroom, 2 bath, carport, central air, all appliances, storage area, free use washer & dryer. BERKLEY 1 bedroom apt. Heat & water included. No pets. FARMINGTON HILLS 2 bedroom, carport, pool, laundry facilities. Security deposit required. Call for appointment. NOVI spacious 1 & 2 bedroom units, vertical blinds, dishwasher, central air. WESTLAND newly decorated, heat included, cable ready. LIVONIA clean, quiet, adult community, near shopping and expressways. SOUTHFIELD luxury apartments, balcony, pool, tennis, heat & water included. REDFORD private entrance, carpeting, appliances. Immediate occupancy. Call days or evenings. ROCHESTER HILLS 2 bedroom, 2 bath, carport, central air, all appliances, storage area, free use washer & dryer. BERKLEY 1 bedroom apt. Heat & water included. No pets. FARMINGTON HILLS 2 bedroom, carport, pool, laundry facilities. Security deposit required. Call for appointment. NOVI spacious 1 & 2 bedroom units, vertical blinds, dishwasher, central air. WESTLAND newly decorated, heat included, cable ready. LIVONIA clean, quiet, adult community, near shopping and expressways. SOUTHFIELD luxury apartments, balcony, pool, tennis, heat & water included. REDFORD private entrance, carpeting, appliances. Immediate occupancy. Call days or evenings. ROCHESTER HILLS 2 bedroom, 2 bath, carport, central air, all appliances, storage area, free use washer & dryer. BERKLEY 1 bedroom apt. Heat & water included. No pets. FARMINGTON HILLS 2 bedroom, carport, pool, laundry facilities. Security deposit required. Call for appointment. NOVI spacious 1 & 2 bedroom units, vertical blinds, dishwasher, central air. WESTLAND newly decorated, heat included, cable ready. LIVONIA clean, quiet, adult community, near shopping and expressways. SOUTHFIELD luxury apartments, balcony, pool, tennis, heat & water included. REDFORD private entrance, carpeting, appliances. Immediate occupancy. Call days or evenings. ROCHESTER HILLS 2 bedroom, 2 bath, carport, central air, all appliances, storage area, free use washer & dryer. BERKLEY 1 bedroom apt. Heat & water included. No pets. FARMINGTON HILLS 2 bedroom, carport, pool, laundry facilities. Security deposit required. Call for appointment. NOVI spacious 1 & 2 bedroom units, vertical blinds, dishwasher, central air. WESTLAND newly decorated, heat included, cable ready. LIVONIA clean, quiet, adult community, near shopping and expressways. SOUTHFIELD luxury apartments, balcony, pool, tennis, heat & water included. REDFORD private entrance, carpeting, appliances. Immediate occupancy. Call days or evenings. ROCHESTER HILLS 2 bedroom, 2 bath, carport, central air, all appliances, storage area, free use washer & dryer. BERKLEY 1 bedroom apt. Heat & water included. No pets. FARMINGTON HILLS 2 bedroom, carport, pool, laundry facilities. Security deposit required. Call for appointment. NOVI spacious 1 & 2 bedroom units, vertical blinds, dishwasher, central air. WESTLAND newly decorated, heat included, cable ready. LIVONIA clean, quiet, adult community, near shopping and expressways. SOUTHFIELD luxury apartments, balcony, pool, tennis, heat & water included. REDFORD private entrance, carpeting, appliances. Immediate occupancy. Call days or evenings. ROCHESTER HILLS 2 bedroom, 2 bath, carport, central air, all appliances, storage area, free use washer & dryer. BERKLEY 1 bedroom apt. Heat & water included. No pets. FARMINGTON HILLS 2 bedroom, carport, pool, laundry facilities. Security deposit required. Call for appointment. NOVI spacious 1 & 2 bedroom units, vertical blinds, dishwasher, central air. WESTLAND newly decorated, heat included, cable ready. LIVONIA clean, quiet, adult community, near shopping and expressways. SOUTHFIELD luxury apartments, balcony, pool, tennis, heat & water included. REDFORD private entrance, carpeting, appliances. Immediate occupancy. Call days or evenings. ROCHESTER HILLS 2 bedroom, 2 bath, carport, central air, all appliances, storage area, free use washer & dryer. BERKLEY 1 bedroom apt. Heat & water included. No pets. FARMINGTON HILLS 2 bedroom, carport, pool, laundry facilities. Security deposit required. Call for appointment. NOVI spacious 1 & 2 bedroom units, vertical blinds, dishwasher, central air. WESTLAND newly decorated, heat included, cable ready. LIVONIA clean, quiet, adult community, near shopping and expressways. SOUTHFIELD luxury apartments, balcony, pool, tennis, heat & water included. REDFORD private entrance, carpeting, appliances. Immediate occupancy. Call days or evenings. ROCHESTER HILLS 2 bedroom, 2 bath, carport, central air, all appliances, storage area, free use washer & dryer. BERKLEY 1 bedroom apt. Heat & water included. No pets. FARMINGTON HILLS 2 bedroom, carport, pool, laundry facilities. Security deposit required. Call for appointment. NOVI spacious 1 & 2 bedroom units, vertical blinds, dishwasher, central air. WESTLAND newly decorated, heat included, cable ready. LIVONIA clean, quiet, adult community, near shopping and expressways. SOUTHFIELD luxury apartments, balcony, pool, tennis, heat & water included. REDFORD private entrance, carpeting, appliances. Immediate occupancy. Call days or evenings.
404 Houses To Rent
BEDFORD 3 bedroom
brick bungalow, finished basement, garage. Immediate occupancy. $750 per month.
DETROIT
Outer Dr./Schoolcraft area. 3 bedroom brick, basement, garage. $550 per month.
FARMINGTON HILLS
3 bedroom colonial, 2 car garage, family room. $1100 per month.
GARDEN CITY
3 bedroom ranch, basement, fenced yard, new carpet. $725.
RENTALS
OVER 100 HOMES
Outstanding 2-3-4 bedroom homes. Kids & pets welcome. Rent starts at $350 month. All areas.
399-8050
Metropolitan Properties, Inc.
LIVONIA
3 bedroom ranch, family room, attached garage, fenced yard. $900.
Private Rental Community OAK VILLAGE!
2 bedroom townhouses with basement, private yard. From $705.
W. BLOOMFIELD
3 bedroom, 2 bath ranch on lake. 2 car garage. $1400.
ROCHESTER HILLS 2 bedroom, 2 bath, carport, central air, all appliances, storage area, free use washer & dryer. BERKLEY 1 bedroom apt. Heat & water included. No pets. FARMINGTON HILLS 2 bedroom, carport, pool, laundry facilities. Security deposit required. Call for appointment. NOVI spacious 1 & 2 bedroom units, vertical blinds, dishwasher, central air. WESTLAND newly decorated, heat included, cable ready. LIVONIA clean, quiet, adult community, near shopping and expressways. SOUTHFIELD luxury apartments, balcony, pool, tennis, heat & water included. REDFORD private entrance, carpeting, appliances. Immediate occupancy. Call days or evenings. ROCHESTER HILLS 2 bedroom, 2 bath, carport, central air, all appliances, storage area, free use washer & dryer. BERKLEY 1 bedroom apt. Heat & water included. No pets. FARMINGTON HILLS 2 bedroom, carport, pool, laundry facilities. Security deposit required. Call for appointment. NOVI spacious 1 & 2 bedroom units, vertical blinds, dishwasher, central air. WESTLAND newly decorated, heat included, cable ready. LIVONIA clean, quiet, adult community, near shopping and expressways. SOUTHFIELD luxury apartments, balcony, pool, tennis, heat & water included. REDFORD private entrance, carpeting, appliances. Immediate occupancy. Call days or evenings. ROCHESTER HILLS 2 bedroom, 2 bath, carport, central air, all appliances, storage area, free use washer & dryer. BERKLEY 1 bedroom apt. Heat & water included. No pets. FARMINGTON HILLS 2 bedroom, carport, pool, laundry facilities. Security deposit required. Call for appointment. NOVI spacious 1 & 2 bedroom units, vertical blinds, dishwasher, central air. WESTLAND newly decorated, heat included, cable ready. LIVONIA clean, quiet, adult community, near shopping and expressways. SOUTHFIELD luxury apartments, balcony, pool, tennis, heat & water included. REDFORD private entrance, carpeting, appliances. Immediate occupancy. Call days or evenings. ROCHESTER HILLS 2 bedroom, 2 bath, carport, central air, all appliances, storage area, free use washer & dryer. BERKLEY 1 bedroom apt. Heat & water included. No pets. FARMINGTON HILLS 2 bedroom, carport, pool, laundry facilities. Security deposit required. Call for appointment. NOVI spacious 1 & 2 bedroom units, vertical blinds, dishwasher, central air. WESTLAND newly decorated, heat included, cable ready. LIVONIA clean, quiet, adult community, near shopping and expressways. SOUTHFIELD luxury apartments, balcony, pool, tennis, heat & water included. REDFORD private entrance, carpeting, appliances. Immediate occupancy. Call days or evenings. ROCHESTER HILLS 2 bedroom, 2 bath, carport, central air, all appliances, storage area, free use washer & dryer. BERKLEY 1 bedroom apt. Heat & water included. No pets. FARMINGTON HILLS 2 bedroom, carport, pool, laundry facilities. Security deposit required. Call for appointment. NOVI spacious 1 & 2 bedroom units, vertical blinds, dishwasher, central air. WESTLAND newly decorated, heat included, cable ready. LIVONIA clean, quiet, adult community, near shopping and expressways. SOUTHFIELD luxury apartments, balcony, pool, tennis, heat & water included. REDFORD private entrance, carpeting, appliances. Immediate occupancy. Call days or evenings. ROCHESTER HILLS 2 bedroom, 2 bath, carport, central air, all appliances, storage area, free use washer & dryer. BERKLEY 1 bedroom apt. Heat & water included. No pets. FARMINGTON HILLS 2 bedroom, carport, pool, laundry facilities. Security deposit required. Call for appointment. NOVI spacious 1 & 2 bedroom units, vertical blinds, dishwasher, central air. WESTLAND newly decorated, heat included, cable ready. LIVONIA clean, quiet, adult community, near shopping and expressways. SOUTHFIELD luxury apartments, balcony, pool, tennis, heat & water included. REDFORD private entrance, carpeting, appliances. Immediate occupancy. Call days or evenings. ROCHESTER HILLS 2 bedroom, 2 bath, carport, central air, all appliances, storage area, free use washer & dryer. BERKLEY 1 bedroom apt. Heat & water included. No pets. FARMINGTON HILLS 2 bedroom, carport, pool, laundry facilities. Security deposit required. Call for appointment. NOVI spacious 1 & 2 bedroom units, vertical blinds, dishwasher, central air. WESTLAND newly decorated, heat included, cable ready. LIVONIA clean, quiet, adult community, near shopping and expressways. SOUTHFIELD luxury apartments, balcony, pool, tennis, heat & water included. REDFORD private entrance, carpeting, appliances. Immediate occupancy. Call days or evenings. ROCHESTER HILLS 2 bedroom, 2 bath, carport, central air, all appliances, storage area, free use washer & dryer. BERKLEY 1 bedroom apt. Heat & water included. No pets. FARMINGTON HILLS 2 bedroom, carport, pool, laundry facilities. Security deposit required. Call for appointment. NOVI spacious 1 & 2 bedroom units, vertical blinds, dishwasher, central air. WESTLAND newly decorated, heat included, cable ready. LIVONIA clean, quiet, adult community, near shopping and expressways. SOUTHFIELD luxury apartments, balcony, pool, tennis, heat & water included. REDFORD private entrance, carpeting, appliances. Immediate occupancy. Call days or evenings.
404 Houses To Rent
REDFORD
2 bedroom, 1 bath, basement. $550 month. No pets.
ROCHESTER HILLS
3 bedroom colonial on 1/2 acre. $1195 per month.
ROYAL OAK
Adorable 2 bedroom bungalow, new kitchen. $675.
SALINE ANN ARBOR AREA
Great country home, 3 bedroom, 2 bath, barn. $1100.
SOUTHFIELD
3 bedroom brick ranch, basement, garage. $850 + security.
WESTLAND
Clean 3 bedroom, 1 1/2 baths, garage. $700 month.
405 Rent Option To Buy
BERKLEY. Newer 3 bedroom ranch. Financing available.
406 Property Management
ABSENTEE OWNER
We professionally manage your residential or commercial property.
D & H Income Property Mgmt.
737-4002
ROCHESTER HILLS 2 bedroom, 2 bath, carport, central air, all appliances, storage area, free use washer & dryer. BERKLEY 1 bedroom apt. Heat & water included. No pets. FARMINGTON HILLS 2 bedroom, carport, pool, laundry facilities. Security deposit required. Call for appointment. NOVI spacious 1 & 2 bedroom units, vertical blinds, dishwasher, central air. WESTLAND newly decorated, heat included, cable ready. LIVONIA clean, quiet, adult community, near shopping and expressways. SOUTHFIELD luxury apartments, balcony, pool, tennis, heat & water included. REDFORD private entrance, carpeting, appliances. Immediate occupancy. Call days or evenings. ROCHESTER HILLS 2 bedroom, 2 bath, carport, central air, all appliances, storage area, free use washer & dryer. BERKLEY 1 bedroom apt. Heat & water included. No pets. FARMINGTON HILLS 2 bedroom, carport, pool, laundry facilities. Security deposit required. Call for appointment. NOVI spacious 1 & 2 bedroom units, vertical blinds, dishwasher, central air. WESTLAND newly decorated, heat included, cable ready. LIVONIA clean, quiet, adult community, near shopping and expressways. SOUTHFIELD luxury apartments, balcony, pool, tennis, heat & water included. REDFORD private entrance, carpeting, appliances. Immediate occupancy. Call days or evenings. ROCHESTER HILLS 2 bedroom, 2 bath, carport, central air, all appliances, storage area, free use washer & dryer. BERKLEY 1 bedroom apt. Heat & water included. No pets. FARMINGTON HILLS 2 bedroom, carport, pool, laundry facilities. Security deposit required. Call for appointment. NOVI spacious 1 & 2 bedroom units, vertical blinds, dishwasher, central air. WESTLAND newly decorated, heat included, cable ready. LIVONIA clean, quiet, adult community, near shopping and expressways. SOUTHFIELD luxury apartments, balcony, pool, tennis, heat & water included. REDFORD private entrance, carpeting, appliances. Immediate occupancy. Call days or evenings. ROCHESTER HILLS 2 bedroom, 2 bath, carport, central air, all appliances, storage area, free use washer & dryer. BERKLEY 1 bedroom apt. Heat & water included. No pets. FARMINGTON HILLS 2 bedroom, carport, pool, laundry facilities. Security deposit required. Call for appointment. NOVI spacious 1 & 2 bedroom units, vertical blinds, dishwasher, central air. WESTLAND newly decorated, heat included, cable ready. LIVONIA clean, quiet, adult community, near shopping and expressways. SOUTHFIELD luxury apartments, balcony, pool, tennis, heat & water included. REDFORD private entrance, carpeting, appliances. Immediate occupancy. Call days or evenings. ROCHESTER HILLS 2 bedroom, 2 bath, carport, central air, all appliances, storage area, free use washer & dryer. BERKLEY 1 bedroom apt. Heat & water included. No pets. FARMINGTON HILLS 2 bedroom, carport, pool, laundry facilities. Security deposit required. Call for appointment. NOVI spacious 1 & 2 bedroom units, vertical blinds, dishwasher, central air. WESTLAND newly decorated, heat included, cable ready. LIVONIA clean, quiet, adult community, near shopping and expressways. SOUTHFIELD luxury apartments, balcony, pool, tennis, heat & water included. REDFORD private entrance, carpeting, appliances. Immediate occupancy. Call days or evenings. ROCHESTER HILLS 2 bedroom, 2 bath, carport, central air, all appliances, storage area, free use washer & dryer. BERKLEY 1 bedroom apt. Heat & water included. No pets. FARMINGTON HILLS 2 bedroom, carport, pool, laundry facilities. Security deposit required. Call for appointment. NOVI spacious 1 & 2 bedroom units, vertical blinds, dishwasher, central air. WESTLAND newly decorated, heat included, cable ready. LIVONIA clean, quiet, adult community, near shopping and expressways. SOUTHFIELD luxury apartments, balcony, pool, tennis, heat & water included. REDFORD private entrance, carpeting, appliances. Immediate occupancy. Call days or evenings. ROCHESTER HILLS 2 bedroom, 2 bath, carport, central air, all appliances, storage area, free use washer & dryer. BERKLEY 1 bedroom apt. Heat & water included. No pets. FARMINGTON HILLS 2 bedroom, carport, pool, laundry facilities. Security deposit required. Call for appointment. NOVI spacious 1 & 2 bedroom units, vertical blinds, dishwasher, central air. WESTLAND newly decorated, heat included, cable ready. LIVONIA clean, quiet, adult community, near shopping and expressways. SOUTHFIELD luxury apartments, balcony, pool, tennis, heat & water included. REDFORD private entrance, carpeting, appliances. Immediate occupancy. Call days or evenings. ROCHESTER HILLS 2 bedroom, 2 bath, carport, central air, all appliances, storage area, free use washer & dryer. BERKLEY 1 bedroom apt. Heat & water included. No pets. FARMINGTON HILLS 2 bedroom, carport, pool, laundry facilities. Security deposit required. Call for appointment. NOVI spacious 1 & 2 bedroom units, vertical blinds, dishwasher, central air. WESTLAND newly decorated, heat included, cable ready. LIVONIA clean, quiet, adult community, near shopping and expressways. SOUTHFIELD luxury apartments, balcony, pool, tennis, heat & water included. REDFORD private entrance, carpeting, appliances. Immediate occupancy. Call days or evenings.
406 Property Management
SINGLE FAMILY SPECIALISTS
Professional rental management of Oakland & Wayne County. Best service & reasonable fee.
RICHTER & ASSOC.
348-5100
407 Mobile Homes For Rent
FARMINGTON HILLS. 14 Wide, 3 bedroom.
408 Duplexes For Rent
FARMINGTON HILLS. 2 bedroom, new carpet, appliances. $575.
410 Flats
BERKLEY. Nice 2 bedroom upper flat. Stove, refrigerator. $495.
412 Townhouses-Condos For Rent
AUBURN HILLS. Outstanding 2 & 3 bedroom townhouses with attached garage.
BIRMINGHAM'S BEST
GETS BETTER
Newly decorated 2 & 3 bedroom townhouses. Must see!
644-1300
BIRMINGHAM
1 bedroom condo. $580 per month. Heat included.
BLOOMFIELD HILLS
2 bedroom, 2 bath condo. Immaculate. $1350.
ROCHESTER HILLS 2 bedroom, 2 bath, carport, central air, all appliances, storage area, free use washer & dryer. BERKLEY 1 bedroom apt. Heat & water included. No pets. FARMINGTON HILLS 2 bedroom, carport, pool, laundry facilities. Security deposit required. Call for appointment. NOVI spacious 1 & 2 bedroom units, vertical blinds, dishwasher, central air. WESTLAND newly decorated, heat included, cable ready. LIVONIA clean, quiet, adult community, near shopping and expressways. SOUTHFIELD luxury apartments, balcony, pool, tennis, heat & water included. REDFORD private entrance, carpeting, appliances. Immediate occupancy. Call days or evenings. ROCHESTER HILLS 2 bedroom, 2 bath, carport, central air, all appliances, storage area, free use washer & dryer. BERKLEY 1 bedroom apt. Heat & water included. No pets. FARMINGTON HILLS 2 bedroom, carport, pool, laundry facilities. Security deposit required. Call for appointment. NOVI spacious 1 & 2 bedroom units, vertical blinds, dishwasher, central air. WESTLAND newly decorated, heat included, cable ready. LIVONIA clean, quiet, adult community, near shopping and expressways. SOUTHFIELD luxury apartments, balcony, pool, tennis, heat & water included. REDFORD private entrance, carpeting, appliances. Immediate occupancy. Call days or evenings. ROCHESTER HILLS 2 bedroom, 2 bath, carport, central air, all appliances, storage area, free use washer & dryer. BERKLEY 1 bedroom apt. Heat & water included. No pets. FARMINGTON HILLS 2 bedroom, carport, pool, laundry facilities. Security deposit required. Call for appointment. NOVI spacious 1 & 2 bedroom units, vertical blinds, dishwasher, central air. WESTLAND newly decorated, heat included, cable ready. LIVONIA clean, quiet, adult community, near shopping and expressways. SOUTHFIELD luxury apartments, balcony, pool, tennis, heat & water included. REDFORD private entrance, carpeting, appliances. Immediate occupancy. Call days or evenings. ROCHESTER HILLS 2 bedroom, 2 bath, carport, central air, all appliances, storage area, free use washer & dryer. BERKLEY 1 bedroom apt. Heat & water included. No pets. FARMINGTON HILLS 2 bedroom, carport, pool, laundry facilities. Security deposit required. Call for appointment. NOVI spacious 1 & 2 bedroom units, vertical blinds, dishwasher, central air. WESTLAND newly decorated, heat included, cable ready. LIVONIA clean, quiet, adult community, near shopping and expressways. SOUTHFIELD luxury apartments, balcony, pool, tennis, heat & water included. REDFORD private entrance, carpeting, appliances. Immediate occupancy. Call days or evenings. ROCHESTER HILLS 2 bedroom, 2 bath, carport, central air, all appliances, storage area, free use washer & dryer. BERKLEY 1 bedroom apt. Heat & water included. No pets. FARMINGTON HILLS 2 bedroom, carport, pool, laundry facilities. Security deposit required. Call for appointment. NOVI spacious 1 & 2 bedroom units, vertical blinds, dishwasher, central air. WESTLAND newly decorated, heat included, cable ready. LIVONIA clean, quiet, adult community, near shopping and expressways. SOUTHFIELD luxury apartments, balcony, pool, tennis, heat & water included. REDFORD private entrance, carpeting, appliances. Immediate occupancy. Call days or evenings. ROCHESTER HILLS 2 bedroom, 2 bath, carport, central air, all appliances, storage area, free use washer & dryer. BERKLEY 1 bedroom apt. Heat & water included. No pets. FARMINGTON HILLS 2 bedroom, carport, pool, laundry facilities. Security deposit required. Call for appointment. NOVI spacious 1 & 2 bedroom units, vertical blinds, dishwasher, central air. WESTLAND newly decorated, heat included, cable ready. LIVONIA clean, quiet, adult community, near shopping and expressways. SOUTHFIELD luxury apartments, balcony, pool, tennis, heat & water included. REDFORD private entrance, carpeting, appliances. Immediate occupancy. Call days or evenings. ROCHESTER HILLS 2 bedroom, 2 bath, carport, central air, all appliances, storage area, free use washer & dryer. BERKLEY 1 bedroom apt. Heat & water included. No pets. FARMINGTON HILLS 2 bedroom, carport, pool, laundry facilities. Security deposit required. Call for appointment. NOVI spacious 1 & 2 bedroom units, vertical blinds, dishwasher, central air. WESTLAND newly decorated, heat included, cable ready. LIVONIA clean, quiet, adult community, near shopping and expressways. SOUTHFIELD luxury apartments, balcony, pool, tennis, heat & water included. REDFORD private entrance, carpeting, appliances. Immediate occupancy. Call days or evenings. ROCHESTER HILLS 2 bedroom, 2 bath, carport, central air, all appliances, storage area, free use washer & dryer. BERKLEY 1 bedroom apt. Heat & water included. No pets. FARMINGTON HILLS 2 bedroom, carport, pool, laundry facilities. Security deposit required. Call for appointment. NOVI spacious 1 & 2 bedroom units, vertical blinds, dishwasher, central air. WESTLAND newly decorated, heat included, cable ready. LIVONIA clean, quiet, adult community, near shopping and expressways. SOUTHFIELD luxury apartments, balcony, pool, tennis, heat & water included. REDFORD private entrance, carpeting, appliances. Immediate occupancy. Call days or evenings.
